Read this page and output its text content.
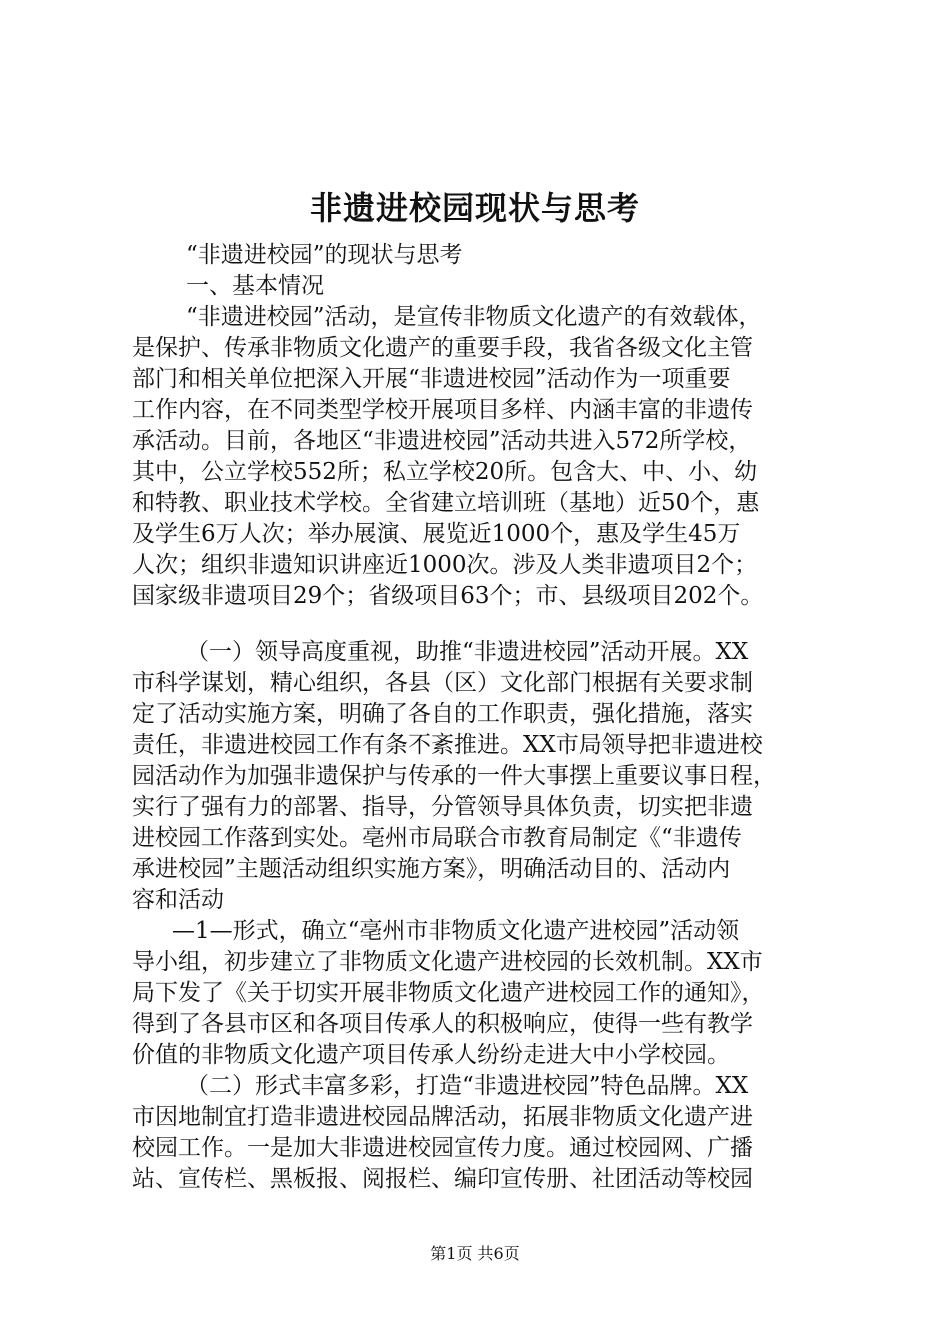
非遗进校园现状与思考
“非遗进校园”的现状与思考
一、基本情况
“非遗进校园”活动，是宣传非物质文化遗产的有效载体，
是保护、传承非物质文化遗产的重要手段，我省各级文化主管
部门和相关单位把深入开展“非遗进校园”活动作为一项重要
工作内容，在不同类型学校开展项目多样、内涵丰富的非遗传
承活动。目前，各地区“非遗进校园”活动共进入572所学校，
其中，公立学校552所；私立学校20所。包含大、中、小、幼
和特教、职业技术学校。全省建立培训班（基地）近50个，惠
及学生6万人次；举办展演、展览近1000个，惠及学生45万
人次；组织非遗知识讲座近1000次。涉及人类非遗项目2个；
国家级非遗项目29个；省级项目63个；市、县级项目202个。
（一）领导高度重视，助推“非遗进校园”活动开展。XX
市科学谋划，精心组织，各县（区）文化部门根据有关要求制
定了活动实施方案，明确了各自的工作职责，强化措施，落实
责任，非遗进校园工作有条不紊推进。XX市局领导把非遗进校
园活动作为加强非遗保护与传承的一件大事摆上重要议事日程，
实行了强有力的部署、指导，分管领导具体负责，切实把非遗
进校园工作落到实处。亳州市局联合市教育局制定《“非遗传
承进校园”主题活动组织实施方案》，明确活动目的、活动内
容和活动
—1—形式，确立“亳州市非物质文化遗产进校园”活动领
导小组，初步建立了非物质文化遗产进校园的长效机制。XX市
局下发了《关于切实开展非物质文化遗产进校园工作的通知》，
得到了各县市区和各项目传承人的积极响应，使得一些有教学
价值的非物质文化遗产项目传承人纷纷走进大中小学校园。
（二）形式丰富多彩，打造“非遗进校园”特色品牌。XX
市因地制宜打造非遗进校园品牌活动，拓展非物质文化遗产进
校园工作。一是加大非遗进校园宣传力度。通过校园网、广播
站、宣传栏、黑板报、阅报栏、编印宣传册、社团活动等校园
第1页 共6页
